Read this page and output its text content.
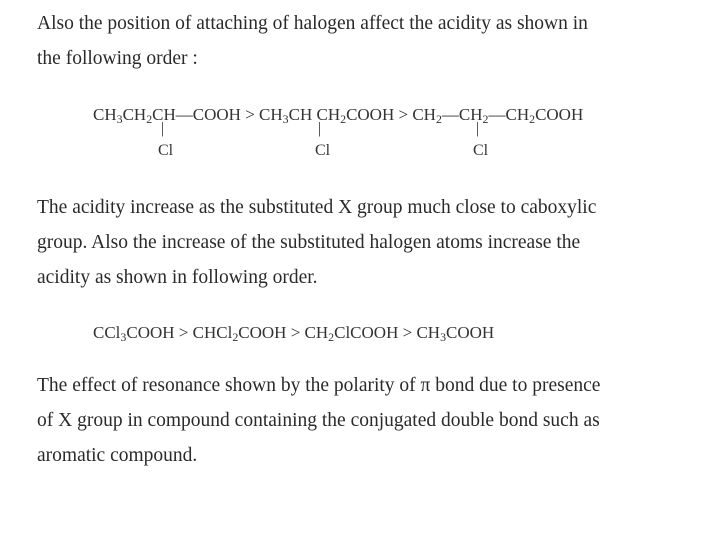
Also the position of attaching of halogen affect the acidity as shown in
the following order :
$CH_3CH_2CH—COOH > CH_3CH$ $CH_2COOH$ > $CH_2—CH_2—CH_2COOH$
|
Cl
|
Cl
|
Cl
The acidity increase as the substituted X group much close to caboxylic
group. Also the increase of the substituted halogen atoms increase the
acidity as shown in following order.
CCl$_3$COOH > CHCl$_2$COOH > $CH_2ClCOOH$ > $CH_3COOH$
The effect of resonance shown by the polarity of π bond due to presence
of X group in compound containing the conjugated double bond such as
aromatic compound.
